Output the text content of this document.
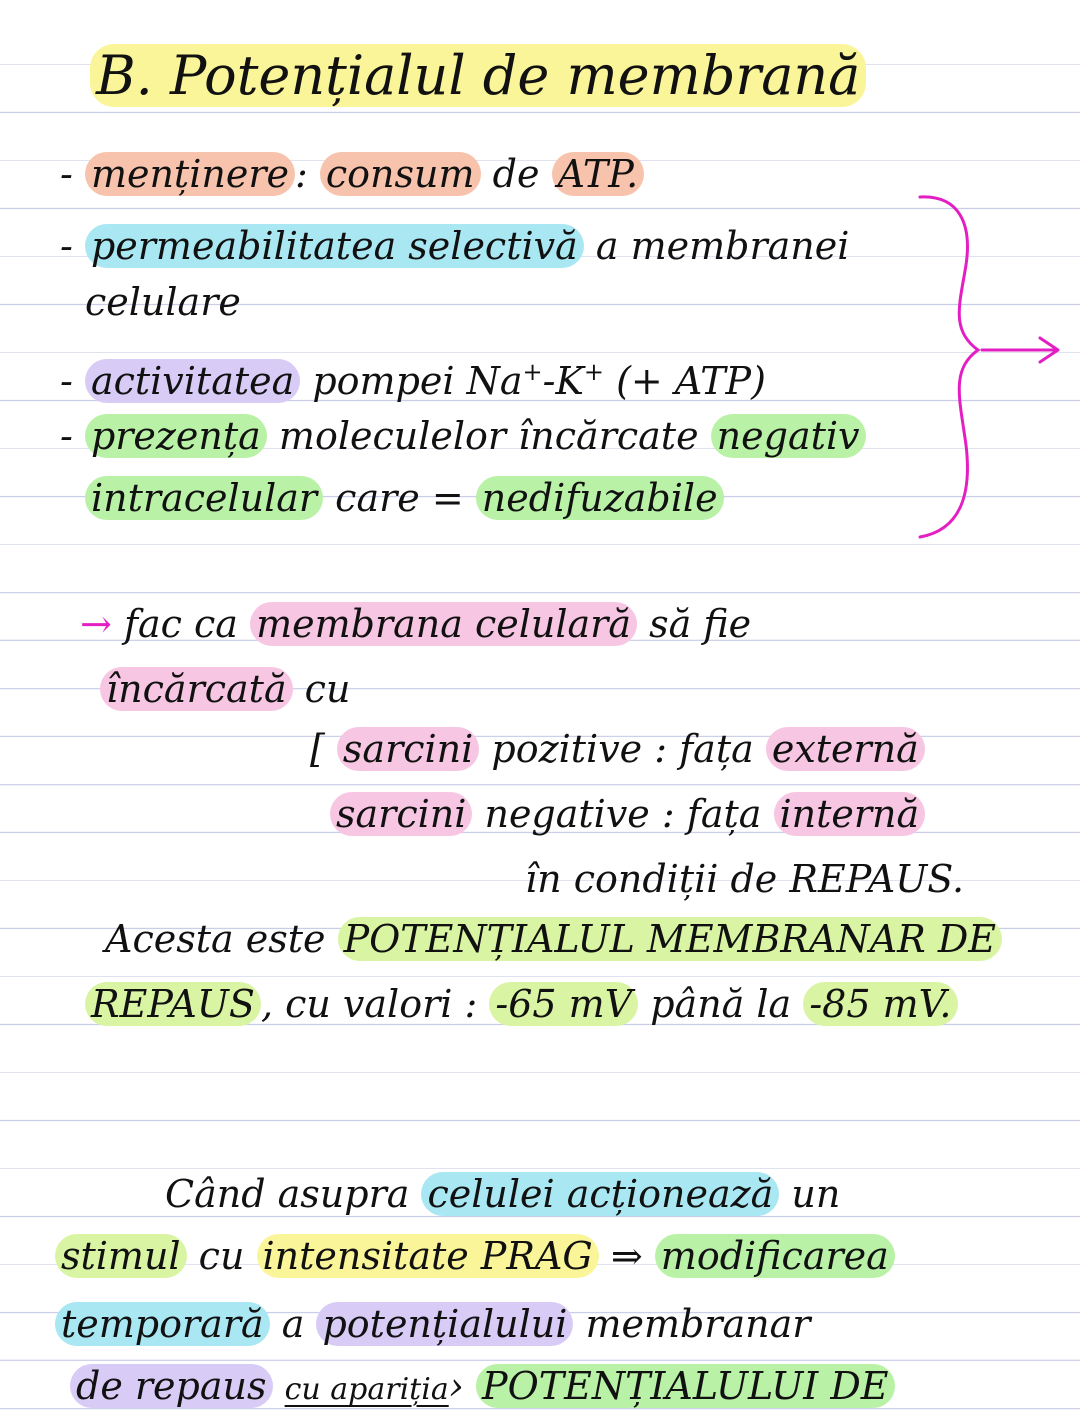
B. Potențialul de membrană
- menținere : consum de ATP.
- permeabilitatea selectivă a membranei
celulare
- activitatea pompei Na+-K+ (+ ATP)
- prezența moleculelor încărcate negativ
intracelular care = nedifuzabile
→ fac ca membrana celulară să fie
încărcată cu
[ sarcini pozitive : fața externă
sarcini negative : fața internă
în condiții de REPAUS.
Acesta este POTENȚIALUL MEMBRANAR DE
REPAUS , cu valori : -65 mV până la -85 mV.
Când asupra celulei acționează un
stimul cu intensitate PRAG ⇒ modificarea
temporară a potențialului membranar
de repaus cu apariția› POTENȚIALULUI DE
